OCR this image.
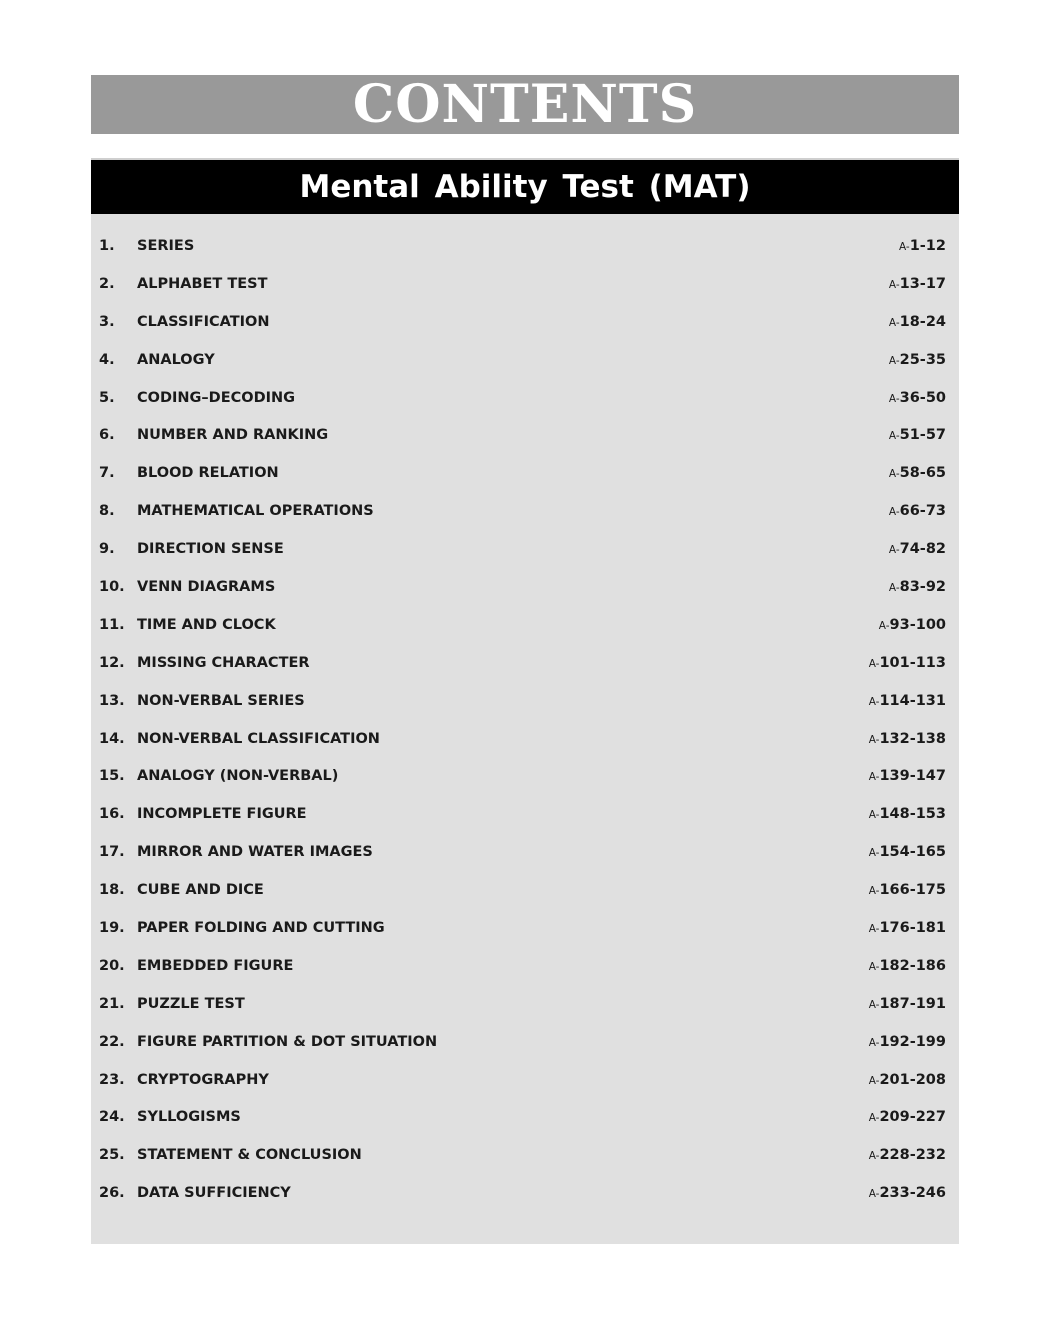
CONTENTS
Mental Ability Test (MAT)
1. SERIES	A-1-12
2. ALPHABET TEST	A-13-17
3. CLASSIFICATION	A-18-24
4. ANALOGY	A-25-35
5. CODING–DECODING	A-36-50
6. NUMBER AND RANKING	A-51-57
7. BLOOD RELATION	A-58-65
8. MATHEMATICAL OPERATIONS	A-66-73
9. DIRECTION SENSE	A-74-82
10. VENN DIAGRAMS	A-83-92
11. TIME AND CLOCK	A-93-100
12. MISSING CHARACTER	A-101-113
13. NON-VERBAL SERIES	A-114-131
14. NON-VERBAL CLASSIFICATION	A-132-138
15. ANALOGY (NON-VERBAL)	A-139-147
16. INCOMPLETE FIGURE	A-148-153
17. MIRROR AND WATER IMAGES	A-154-165
18. CUBE AND DICE	A-166-175
19. PAPER FOLDING AND CUTTING	A-176-181
20. EMBEDDED FIGURE	A-182-186
21. PUZZLE TEST	A-187-191
22. FIGURE PARTITION & DOT SITUATION	A-192-199
23. CRYPTOGRAPHY	A-201-208
24. SYLLOGISMS	A-209-227
25. STATEMENT & CONCLUSION	A-228-232
26. DATA SUFFICIENCY	A-233-246
